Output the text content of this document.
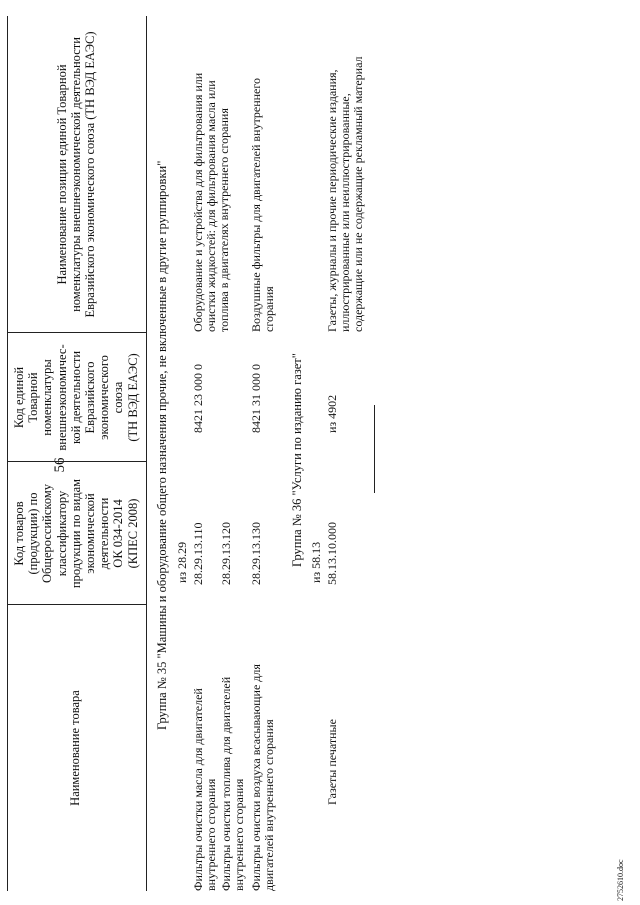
56
Наименование товара
Код товаров (продукции) по Общероссийскому классификатору продукции по видам экономической деятельности ОК 034-2014 (КПЕС 2008)
Код единой Товарной номенклатуры внешнеэкономичес- кой деятельности Евразийского экономического союза (ТН ВЭД ЕАЭС)
Наименование позиции единой Товарной номенклатуры внешнеэкономической деятельности Евразийского экономического союза (ТН ВЭД ЕАЭС)	Группа № 35 "Машины и оборудование общего назначения прочие, не включенные в другие группировки" из 28.29
Фильтры очистки масла для двигателей внутреннего сгорания
28.29.13.110
8421 23 000 0
Оборудование и устройства для фильтрования или очистки жидкостей: для фильтрования масла или топлива в двигателях внутреннего сгорания
Фильтры очистки топлива для двигателей внутреннего сгорания
28.29.13.120
Фильтры очистки воздуха всасывающие для двигателей внутреннего сгорания
28.29.13.130
8421 31 000 0
Воздушные фильтры для двигателей внутреннего сгорания
Группа № 36 "Услуги по изданию газет" из 58.13
Газеты печатные
58.13.10.000
из 4902
Газеты, журналы и прочие периодические издания, иллюстрированные или неиллюстрированные, содержащие или не содержащие рекламный материал
2752610.doc
